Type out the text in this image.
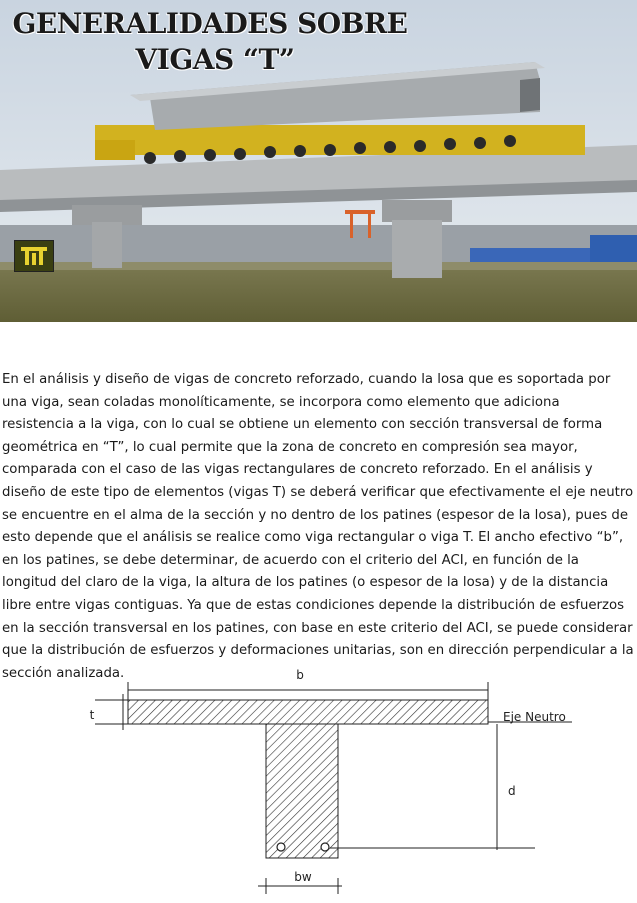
GENERALIDADES SOBRE
VIGAS “T”
En el análisis y diseño de vigas de concreto reforzado, cuando la losa que es soportada por una viga, sean coladas monolíticamente, se incorpora como elemento que adiciona resistencia a la viga, con lo cual se obtiene un elemento con sección transversal de forma geométrica en “T”, lo cual permite que la zona de concreto en compresión sea mayor, comparada con el caso de las vigas rectangulares de concreto reforzado. En el análisis y diseño de este tipo de elementos (vigas T) se deberá verificar que efectivamente el eje neutro se encuentre en el alma de la sección y no dentro de los patines (espesor de la losa), pues de esto depende que el análisis se realice como viga rectangular o viga T. El ancho efectivo “b”, en los patines, se debe determinar, de acuerdo con el criterio del ACI, en función de la longitud del claro de la viga, la altura de los patines (o espesor de la losa) y de la distancia libre entre vigas contiguas. Ya que de estas condiciones depende la distribución de esfuerzos en la sección transversal en los patines, con base en este criterio del ACI, se puede considerar que la distribución de esfuerzos y deformaciones unitarias, son en dirección perpendicular a la sección analizada.	b
t	Eje Neutro
d
bw
